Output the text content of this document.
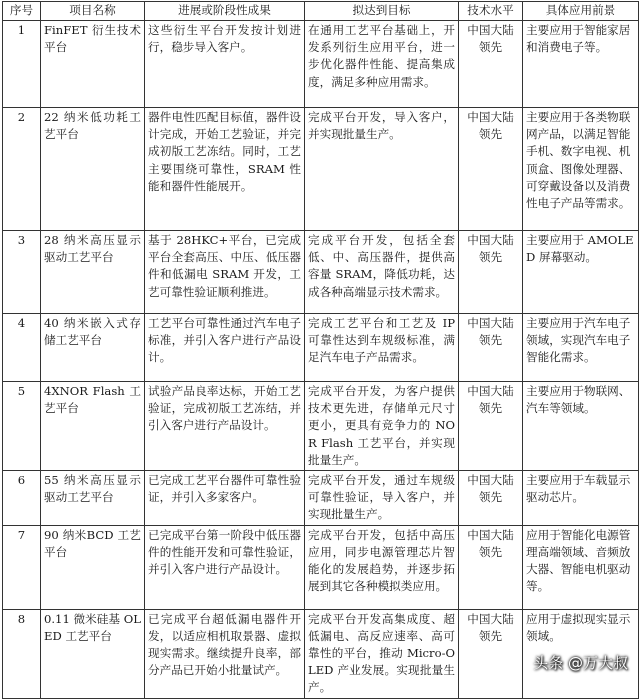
序号	项目名称	进展或阶段性成果	拟达到目标	技术水平	具体应用前景
1	FinFET 衍生技术平台	这些衍生平台开发按计划进行，稳步导入客户。	在通用工艺平台基础上，开发系列衍生应用平台，进一步优化器件性能、提高集成度，满足多种应用需求。	中国大陆领先	主要应用于智能家居和消费电子等。
2	22 纳米低功耗工艺平台	器件电性匹配目标值，器件设计完成，开始工艺验证，并完成初版工艺冻结。同时，工艺主要围绕可靠性，SRAM 性能和器件性能展开。	完成平台开发，导入客户，并实现批量生产。	中国大陆领先	主要应用于各类物联网产品，以满足智能手机、数字电视、机顶盒、图像处理器、可穿戴设备以及消费性电子产品等需求。
3	28 纳米高压显示驱动工艺平台	基于 28HKC+平台，已完成平台全套高压、中压、低压器件和低漏电 SRAM 开发，工艺可靠性验证顺利推进。	完成平台开发，包括全套低、中、高压器件，提供高容量 SRAM，降低功耗，达成各种高端显示技术需求。	中国大陆领先	主要应用于 AMOLED 屏幕驱动。
4	40 纳米嵌入式存储工艺平台	工艺平台可靠性通过汽车电子标准，并引入客户进行产品设计。	完成工艺平台和工艺及 IP 可靠性达到车规级标准，满足汽车电子产品需求。	中国大陆领先	主要应用于汽车电子领域，实现汽车电子智能化需求。
5	4XNOR Flash 工艺平台	试验产品良率达标，开始工艺验证，完成初版工艺冻结，并引入客户进行产品设计。	完成平台开发，为客户提供技术更先进，存储单元尺寸更小，更具有竞争力的 NOR Flash 工艺平台，并实现批量生产。	中国大陆领先	主要应用于物联网、汽车等领域。
6	55 纳米高压显示驱动工艺平台	已完成工艺平台器件可靠性验证，并引入多家客户。	完成平台开发，通过车规级可靠性验证，导入客户，并实现批量生产。	中国大陆领先	主要应用于车载显示驱动芯片。
7	90 纳米BCD 工艺平台	已完成平台第一阶段中低压器件的性能开发和可靠性验证，并引入客户进行产品设计。	完成平台开发，包括中高压应用，同步电源管理芯片智能化的发展趋势，并逐步拓展到其它各种模拟类应用。	中国大陆领先	应用于智能化电源管理高端领域、音频放大器、智能电机驱动等。
8	0.11 微米硅基 OLED 工艺平台	已完成平台超低漏电器件开发，以适应相机取景器、虚拟现实需求。继续提升良率，部分产品已开始小批量试产。	完成平台开发高集成度、超低漏电、高反应速率、高可靠性的平台，推动 Micro-OLED 产业发展。实现批量生产。	中国大陆领先	应用于虚拟现实显示领域。
头条 @万大叔
